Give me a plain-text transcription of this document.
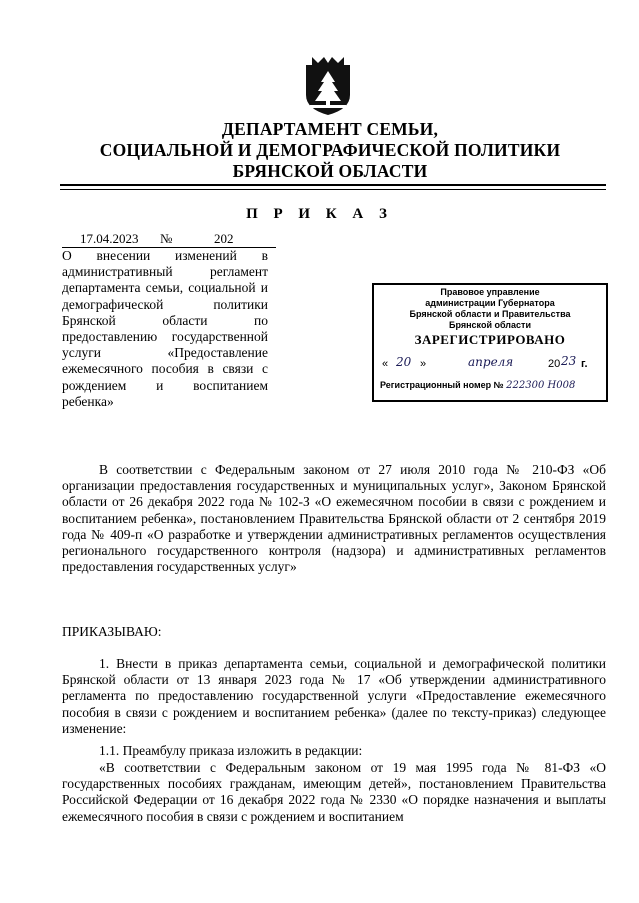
ДЕПАРТАМЕНТ СЕМЬИ,
СОЦИАЛЬНОЙ И ДЕМОГРАФИЧЕСКОЙ ПОЛИТИКИ
БРЯНСКОЙ ОБЛАСТИ
П Р И К А З
17.04.2023 №	202
О внесении изменений в административный регламент департамента семьи, социальной и демографической политики Брянской области по предоставлению государственной услуги «Предоставление ежемесячного пособия в связи с рождением и воспитанием ребенка»
Правовое управление
администрации Губернатора
Брянской области и Правительства
Брянской области
ЗАРЕГИСТРИРОВАНО
« 20 »	апреля	20 23 г.
Регистрационный номер № 222300 H008
В соответствии с Федеральным законом от 27 июля 2010 года № 210-ФЗ «Об организации предоставления государственных и муниципальных услуг», Законом Брянской области от 26 декабря 2022 года № 102-З «О ежемесячном пособии в связи с рождением и воспитанием ребенка», постановлением Правительства Брянской области от 2 сентября 2019 года № 409-п «О разработке и утверждении административных регламентов осуществления регионального государственного контроля (надзора) и административных регламентов предоставления государственных услуг»
ПРИКАЗЫВАЮ:
1. Внести в приказ департамента семьи, социальной и демографической политики Брянской области от 13 января 2023 года № 17 «Об утверждении административного регламента по предоставлению государственной услуги «Предоставление ежемесячного пособия в связи с рождением и воспитанием ребенка» (далее по тексту-приказ) следующее изменение:
1.1. Преамбулу приказа изложить в редакции:
«В соответствии с Федеральным законом от 19 мая 1995 года № 81-ФЗ «О государственных пособиях гражданам, имеющим детей», постановлением Правительства Российской Федерации от 16 декабря 2022 года № 2330 «О порядке назначения и выплаты ежемесячного пособия в связи с рождением и воспитанием
